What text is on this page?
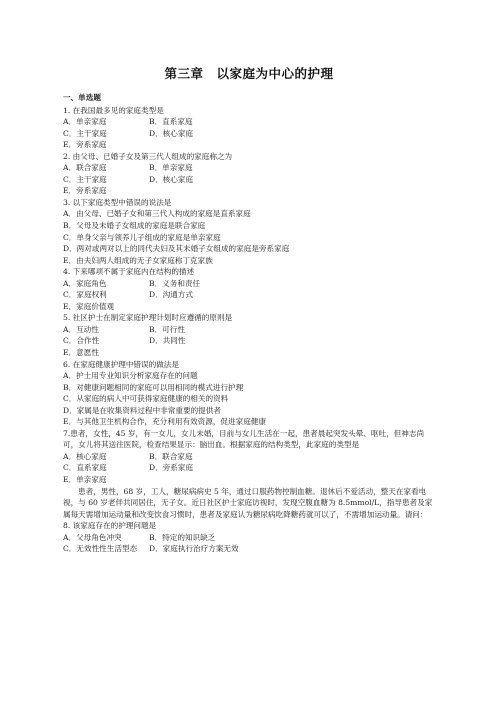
第三章　以家庭为中心的护理
一、单选题
1. 在我国最多见的家庭类型是
A．单亲家庭	B．直系家庭
C．主干家庭	D．核心家庭
E．旁系家庭
2. 由父母、已婚子女及第三代人组成的家庭称之为
A．联合家庭	B．单亲家庭
C．主干家庭	D．核心家庭
E．旁系家庭
3. 以下家庭类型中错误的说法是
A．由父母、已婚子女和第三代人构成的家庭是直系家庭
B．父母及未婚子女组成的家庭是联合家庭
C．单身父亲与领养儿子组成的家庭是单亲家庭
D．两对或两对以上的同代夫妇及其未婚子女组成的家庭是旁系家庭
E．由夫妇两人组成的无子女家庭称丁克家族
4. 下来哪项不属于家庭内在结构的描述
A．家庭角色	B．义务和责任
C．家庭权利	D．沟通方式
E．家庭价值观
5. 社区护士在制定家庭护理计划时应遵循的原则是
A．互动性	B．可行性
C．合作性	D．共同性
E．意愿性
6. 在家庭健康护理中错误的做法是
A．护士用专业知识分析家庭存在的问题
B．对健康问题相同的家庭可以用相同的模式进行护理
C．从家庭的病人中可获得家庭健康的相关的资料
D．家属是在收集资料过程中非常重要的提供者
E．与其他卫生机构合作，充分利用有效资源，促进家庭健康
7.患者，女性，45 岁，有一女儿，女儿未婚，目前与女儿生活在一起，患者晨起突发头晕、呕吐，但神志尚可，女儿将其送往医院，检查结果显示：脑出血。根据家庭的结构类型，此家庭的类型是
A．核心家庭	B．联合家庭
C．直系家庭	D．旁系家庭
E．单亲家庭
患者，男性，68 岁，工人，糖尿病病史 5 年，通过口服药物控制血糖。退休后不爱活动，整天在家看电视，与 60 岁老伴共同居住，无子女。近日社区护士家庭访视时，发现空腹血糖为 8.5mmol/L，指导患者及家属每天需增加运动量和改变饮食习惯时，患者及家庭认为糖尿病吃降糖药就可以了，不需增加运动量。请问：
8. 该家庭存在的护理问题是
A．父母角色冲突	B．特定的知识缺乏
C．无效性性生活型态 D．家庭执行治疗方案无效
